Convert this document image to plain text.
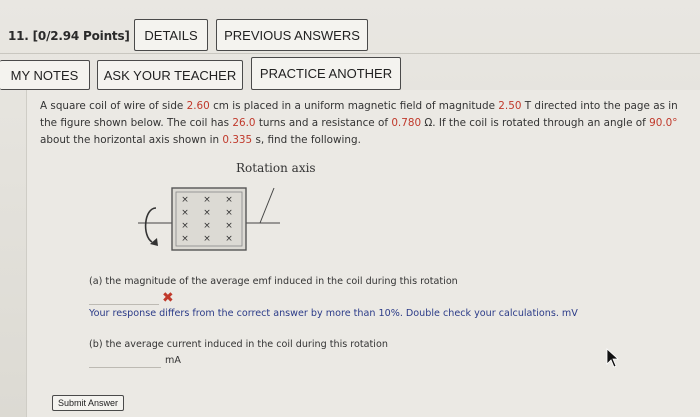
11. [0/2.94 Points]	DETAILS	PREVIOUS ANSWERS
MY NOTES	ASK YOUR TEACHER	PRACTICE ANOTHER
A square coil of wire of side 2.60 cm is placed in a uniform magnetic field of magnitude 2.50 T directed into the page as in the figure shown below. The coil has 26.0 turns and a resistance of 0.780 Ω. If the coil is rotated through an angle of 90.0° about the horizontal axis shown in 0.335 s, find the following.
Rotation axis
× × ×
× × ×
× × ×
× × ×
(a) the magnitude of the average emf induced in the coil during this rotation
✖
Your response differs from the correct answer by more than 10%. Double check your calculations. mV
(b) the average current induced in the coil during this rotation
mA
Submit Answer
